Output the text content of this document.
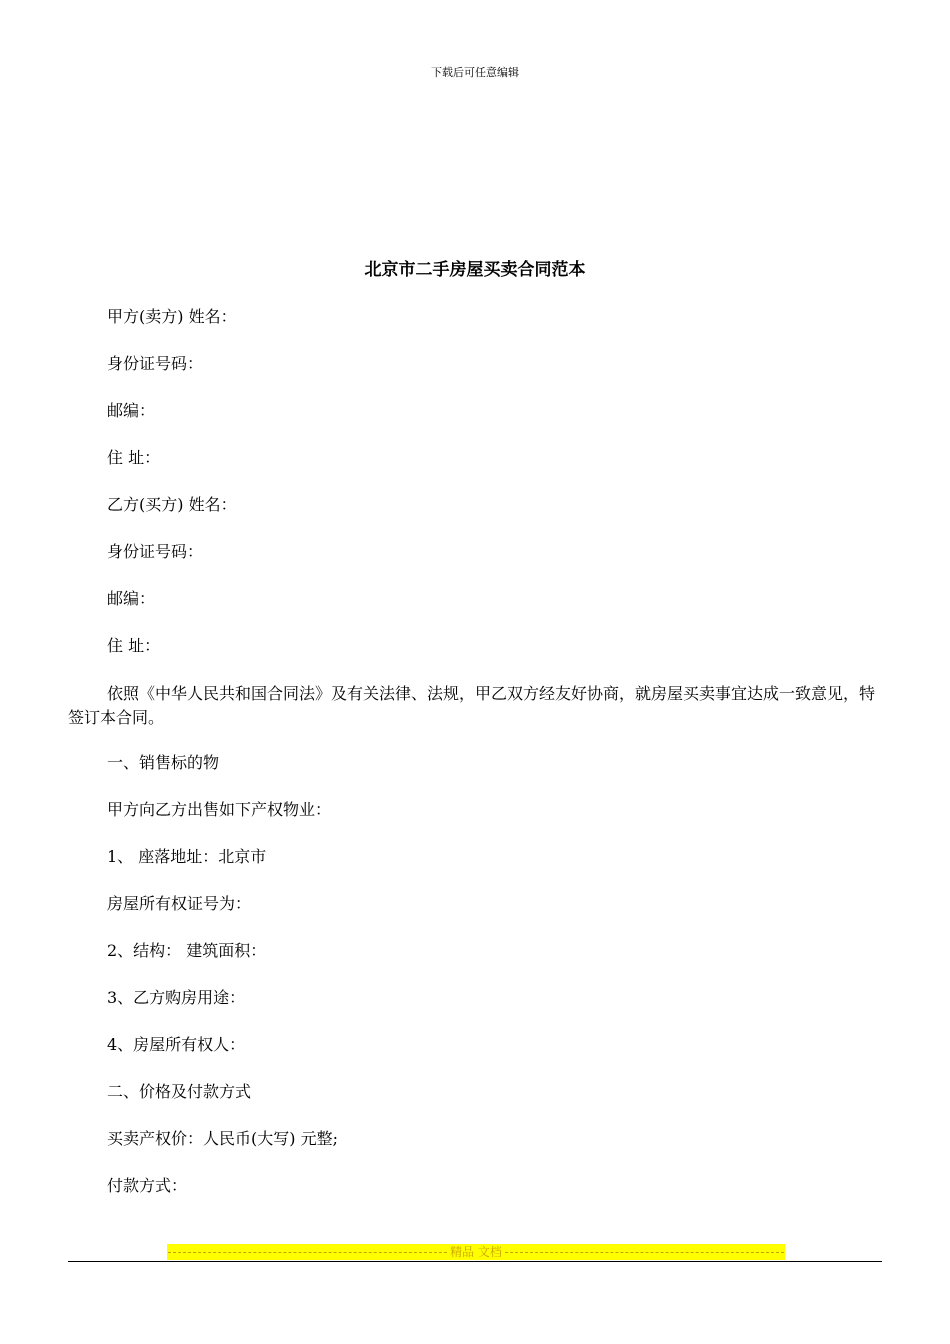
下载后可任意编辑
北京市二手房屋买卖合同范本

甲方(卖方) 姓名：

身份证号码：

邮编：

住 址：

乙方(买方) 姓名：

身份证号码：

邮编：

住 址：

依照《中华人民共和国合同法》及有关法律、法规，甲乙双方经友好协商，就房屋买卖事宜达成一致意见，特签订本合同。

一、销售标的物

甲方向乙方出售如下产权物业：

1、 座落地址：北京市

房屋所有权证号为：

2、结构： 建筑面积：

3、乙方购房用途：

4、房屋所有权人：

二、价格及付款方式

买卖产权价：人民币(大写) 元整;

付款方式：

精品 文档
